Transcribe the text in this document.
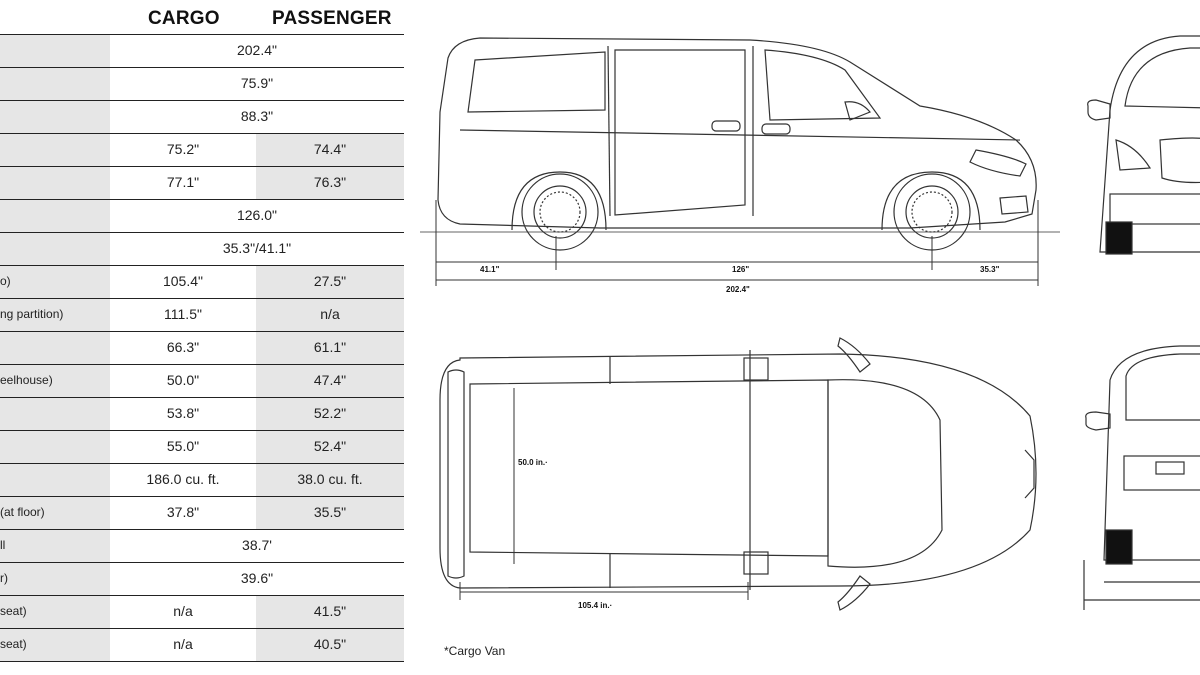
CARGO	PASSENGER
202.4"
75.9"
88.3"
75.2"	74.4"
77.1"	76.3"
126.0"
35.3"/41.1"
o)	105.4"	27.5"
ng partition)	111.5"	n/a
66.3"	61.1"
eelhouse)	50.0"	47.4"
53.8"	52.2"
55.0"	52.4"
186.0 cu. ft.	38.0 cu. ft.
(at floor)	37.8"	35.5"
ll	38.7'
r)	39.6"
seat)	n/a	41.5"
seat)	n/a	40.5"
41.1"	126"	35.3"
202.4"
50.0 in.·
105.4 in.·
*Cargo Van
